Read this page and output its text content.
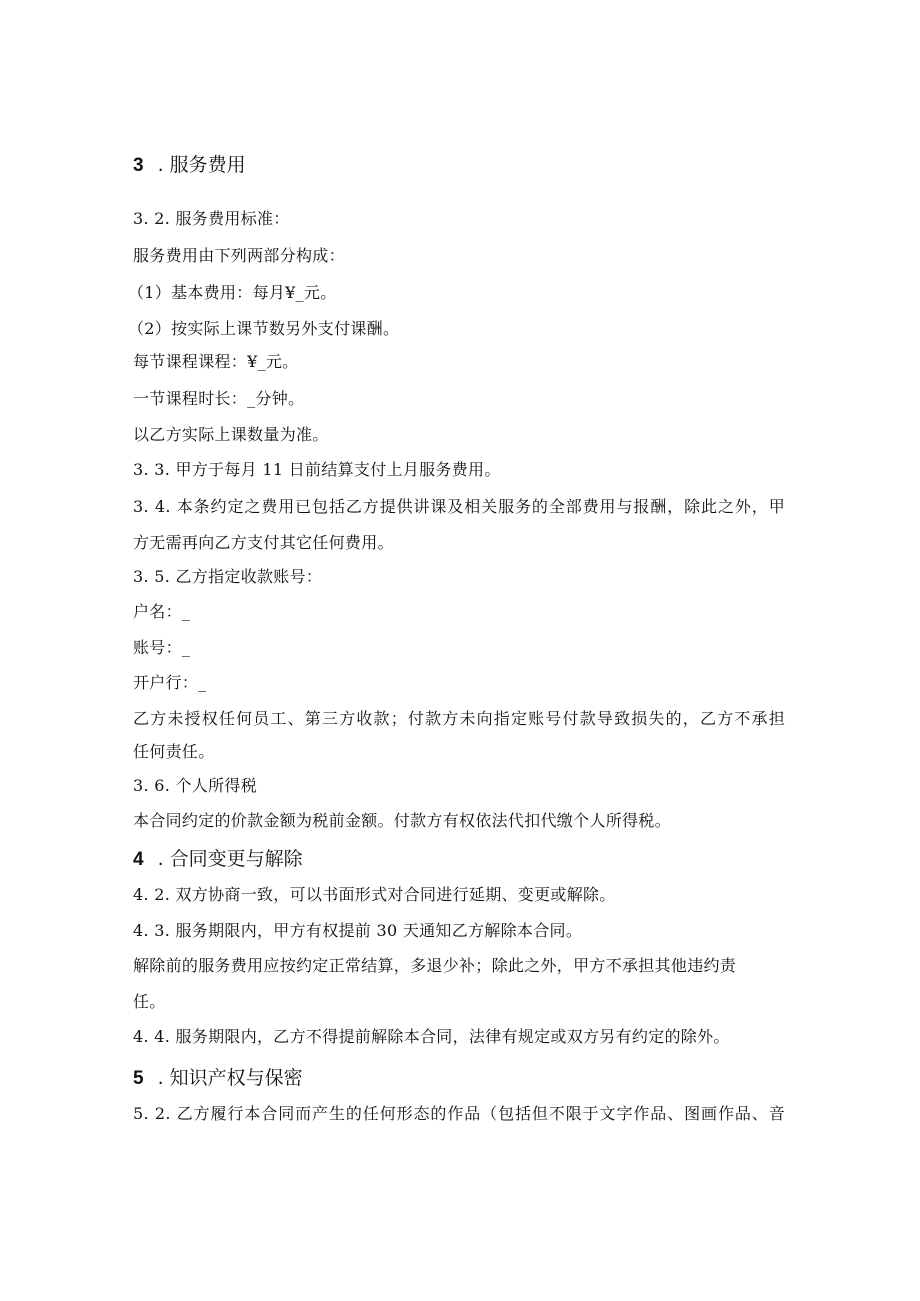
3 . 服务费用
3. 2. 服务费用标准：
服务费用由下列两部分构成：
（1）基本费用：每月¥_元。
（2）按实际上课节数另外支付课酬。
每节课程课程：¥_元。
一节课程时长：_分钟。
以乙方实际上课数量为准。
3. 3. 甲方于每月 11 日前结算支付上月服务费用。
3. 4. 本条约定之费用已包括乙方提供讲课及相关服务的全部费用与报酬，除此之外，甲
方无需再向乙方支付其它任何费用。
3. 5. 乙方指定收款账号：
户名：_
账号：_
开户行：_
乙方未授权任何员工、第三方收款；付款方未向指定账号付款导致损失的，乙方不承担
任何责任。
3. 6. 个人所得税
本合同约定的价款金额为税前金额。付款方有权依法代扣代缴个人所得税。
4 . 合同变更与解除
4. 2. 双方协商一致，可以书面形式对合同进行延期、变更或解除。
4. 3. 服务期限内，甲方有权提前 30 天通知乙方解除本合同。
解除前的服务费用应按约定正常结算，多退少补；除此之外，甲方不承担其他违约责
任。
4. 4. 服务期限内，乙方不得提前解除本合同，法律有规定或双方另有约定的除外。
5 . 知识产权与保密
5. 2. 乙方履行本合同而产生的任何形态的作品（包括但不限于文字作品、图画作品、音
